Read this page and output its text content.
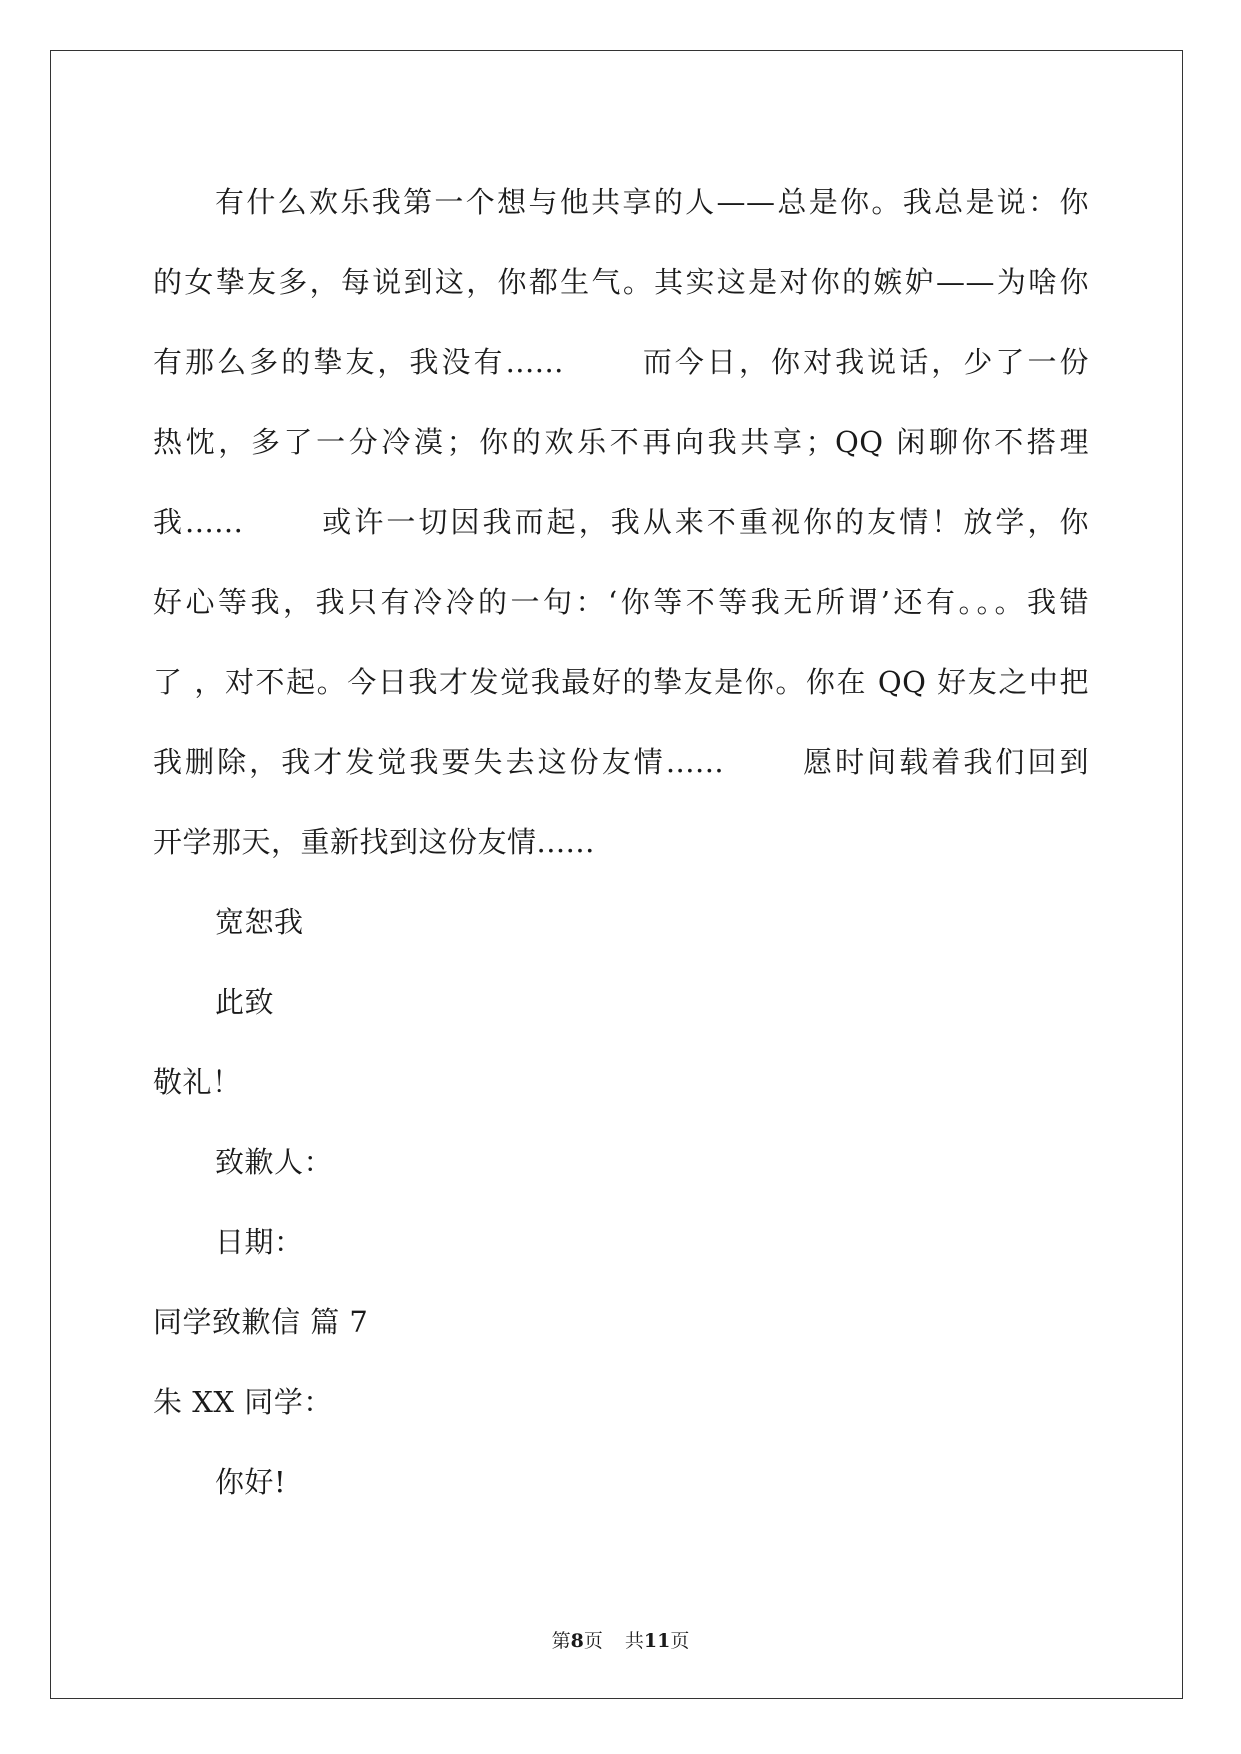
有什么欢乐我第一个想与他共享的人——总是你。我总是说：你
的女挚友多，每说到这，你都生气。其实这是对你的嫉妒——为啥你
有那么多的挚友，我没有......　　 而今日，你对我说话，少了一份
热忱，多了一分冷漠；你的欢乐不再向我共享；QQ 闲聊你不搭理
我......　　 或许一切因我而起，我从来不重视你的友情！放学，你
好心等我，我只有冷冷的一句：‘你等不等我无所谓’还有。。。我错
了 ，对不起。今日我才发觉我最好的挚友是你。你在 QQ 好友之中把
我删除，我才发觉我要失去这份友情......　　 愿时间载着我们回到
开学那天，重新找到这份友情......
宽恕我
此致
敬礼！
致歉人：
日期：
同学致歉信 篇 7
朱 XX 同学：
你好!
第8页 共11页
